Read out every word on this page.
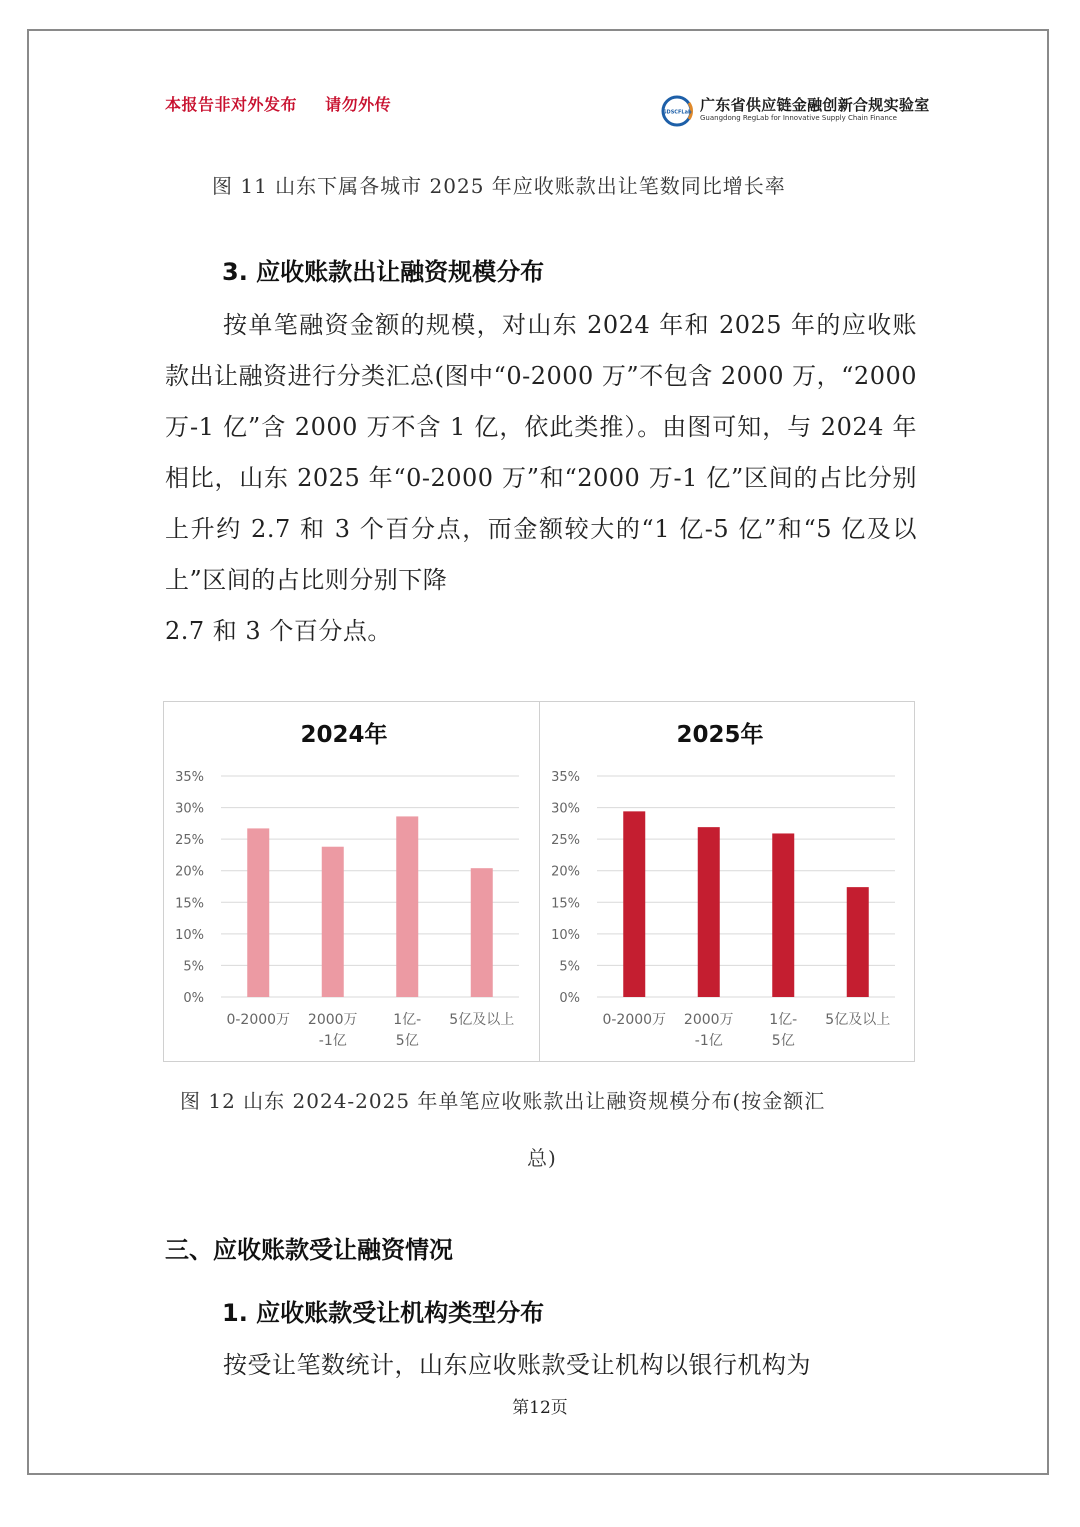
本报告非对外发布 请勿外传	GDSCFLab 广东省供应链金融创新合规实验室
Guangdong RegLab for Innovative Supply Chain Finance
图 11 山东下属各城市 2025 年应收账款出让笔数同比增长率
3. 应收账款出让融资规模分布
按单笔融资金额的规模，对山东 2024 年和 2025 年的应收账款出让融资进行分类汇总(图中“0-2000 万”不包含 2000 万，“2000 万-1 亿”含 2000 万不含 1 亿，依此类推）。由图可知，与 2024 年相比，山东 2025 年“0-2000 万”和“2000 万-1 亿”区间的占比分别上升约 2.7 和 3 个百分点，而金额较大的“1 亿-5 亿”和“5 亿及以上”区间的占比则分别下降
2.7 和 3 个百分点。
2024年
0%
5%
10%
15%
20%
25%
30%
35%
0-2000万 2000万
-1亿
1亿-
5亿
5亿及以上
2025年
0%
5%
10%
15%
20%
25%
30%
35%
0-2000万 2000万
-1亿
1亿-
5亿
5亿及以上
图 12 山东 2024-2025 年单笔应收账款出让融资规模分布(按金额汇
总)
三、应收账款受让融资情况
1. 应收账款受让机构类型分布
按受让笔数统计，山东应收账款受让机构以银行机构为
第12页
